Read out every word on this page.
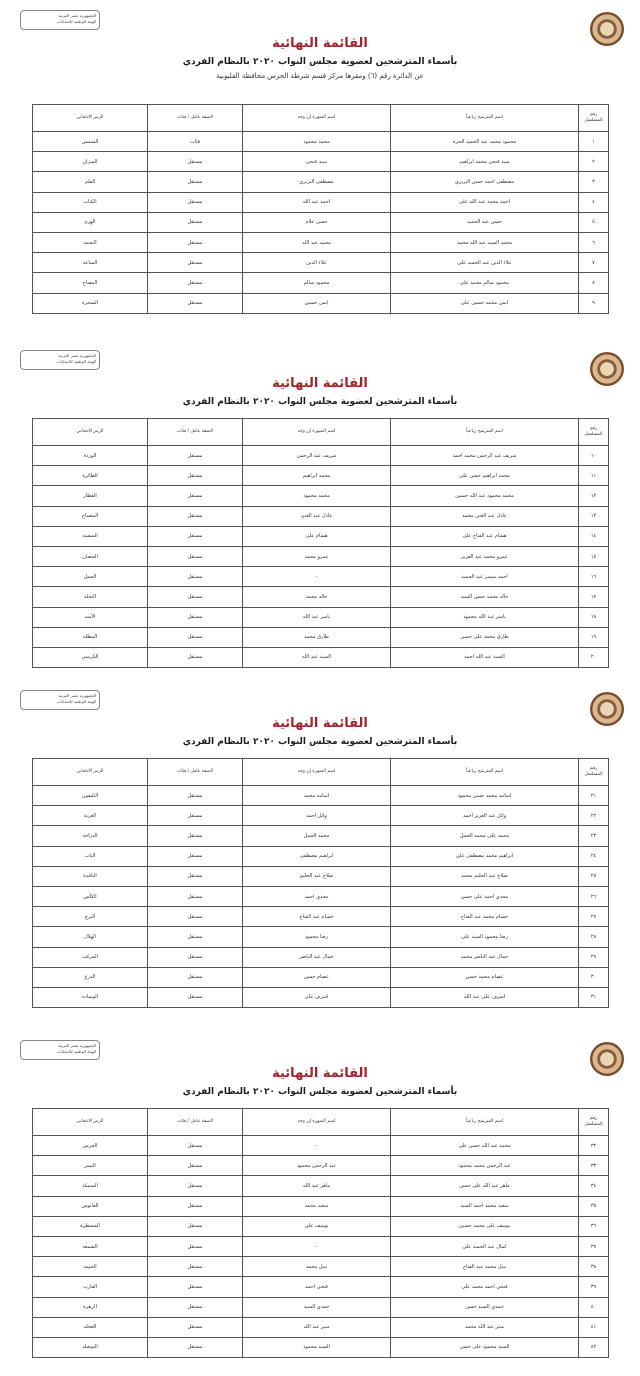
الجمهورية مصر العربية
الهيئة الوطنية للانتخابات
القائمة النهائية
بأسماء المترشحين لعضوية مجلس النواب ٢٠٢٠ بالنظام الفردي
عن الدائرة رقم (٦) ومقرها مركز قسم شرطة الحرس محافظة القليوبية
رقم المسلسل	اسم المترشح رباعياً	اسم الشهرة إن وجد	الصفة عامل / فئات	الرمز الانتخابي
١	محمود محمد عبد الحميد الحرة	محمد محمود	فئات	الشمس
٢	سيد فتحي محمد ابراهيم	سيد فتحي	مستقل	الميزان
٣	مصطفى احمد حسن البربري	مصطفى البربري	مستقل	القلم
٤	احمد محمد عبد الله على	احمد عبد الله	مستقل	الكتاب
٥	حسن عبد الحميد	حسن علام	مستقل	الهرم
٦	محمد السيد عبد الله محمد	محمد عبد الله	مستقل	النجمة
٧	علاء الدين عبد الحميد على	علاء الدين	مستقل	الساعة
٨	محمود سالم محمد على	محمود سالم	مستقل	المفتاح
٩	ايمن محمد حسين على	ايمن حسين	مستقل	الشجرة
الجمهورية مصر العربية
الهيئة الوطنية للانتخابات
القائمة النهائية
بأسماء المترشحين لعضوية مجلس النواب ٢٠٢٠ بالنظام الفردي
رقم المسلسل	اسم المترشح رباعياً	اسم الشهرة إن وجد	الصفة عامل / فئات	الرمز الانتخابي
١٠	شريف عبد الرحمن محمد احمد	شريف عبد الرحمن	مستقل	الوردة
١١	محمد ابراهيم حسن على	محمد ابراهيم	مستقل	الطائرة
١٢	محمد محمود عبد الله حسين	محمد محمود	مستقل	القطار
١٣	عادل عبد الغني محمد	عادل عبد الغني	مستقل	المصباح
١٤	هشام عبد الفتاح على	هشام على	مستقل	السفينة
١٥	عمرو محمد عبد العزيز	عمرو محمد	مستقل	الحصان
١٦	احمد سمير عبد الحميد	-	مستقل	الجمل
١٧	خالد محمد حسن السيد	خالد محمد	مستقل	النخلة
١٨	ياسر عبد الله محمود	ياسر عبد الله	مستقل	الأسد
١٩	طارق محمد على حسن	طارق محمد	مستقل	المظلة
٢٠	السيد عبد الله احمد	السيد عبد الله	مستقل	الكرسي
الجمهورية مصر العربية
الهيئة الوطنية للانتخابات
القائمة النهائية
بأسماء المترشحين لعضوية مجلس النواب ٢٠٢٠ بالنظام الفردي
رقم المسلسل	اسم المترشح رباعياً	اسم الشهرة إن وجد	الصفة عامل / فئات	الرمز الانتخابي
٢١	اسامة محمد حسن محمود	اسامة محمد	مستقل	التليفون
٢٢	وائل عبد العزيز احمد	وائل احمد	مستقل	العربة
٢٣	محمد على محمد الجمل	محمد الجمل	مستقل	الدراجة
٢٤	ابراهيم محمد مصطفى على	ابراهيم مصطفى	مستقل	الباب
٢٥	صلاح عبد الحليم محمد	صلاح عبد الحليم	مستقل	النافذة
٢٦	مجدي احمد على حسن	مجدي احمد	مستقل	الكأس
٢٧	حسام محمد عبد الفتاح	حسام عبد الفتاح	مستقل	البرج
٢٨	رضا محمود السيد على	رضا محمود	مستقل	الهلال
٢٩	جمال عبد الناصر محمد	جمال عبد الناصر	مستقل	المركب
٣٠	عصام محمد حسن	عصام حسن	مستقل	الدرع
٣١	اشرف على عبد الله	اشرف على	مستقل	الوسادة
الجمهورية مصر العربية
الهيئة الوطنية للانتخابات
القائمة النهائية
بأسماء المترشحين لعضوية مجلس النواب ٢٠٢٠ بالنظام الفردي
رقم المسلسل	اسم المترشح رباعياً	اسم الشهرة إن وجد	الصفة عامل / فئات	الرمز الانتخابي
٣٢	محمد عبد الله حسن على	-	مستقل	الجرس
٣٣	عبد الرحمن محمد محمود	عبد الرحمن محمود	مستقل	النسر
٣٤	ماهر عبد الله على حسن	ماهر عبد الله	مستقل	السمكة
٣٥	سعيد محمد احمد السيد	سعيد محمد	مستقل	الفانوس
٣٦	يوسف على محمد حسين	يوسف على	مستقل	المسطرة
٣٧	كمال عبد الحميد على	-	مستقل	الشمعة
٣٨	نبيل محمد عبد الفتاح	نبيل محمد	مستقل	الخيمة
٣٩	فتحي احمد محمد على	فتحي احمد	مستقل	القارب
٤٠	حمدي السيد حسن	حمدي السيد	مستقل	الزهرة
٤١	منير عبد الله محمد	منير عبد الله	مستقل	العجلة
٤٢	السيد محمود على حسن	السيد محمود	مستقل	البوصلة
